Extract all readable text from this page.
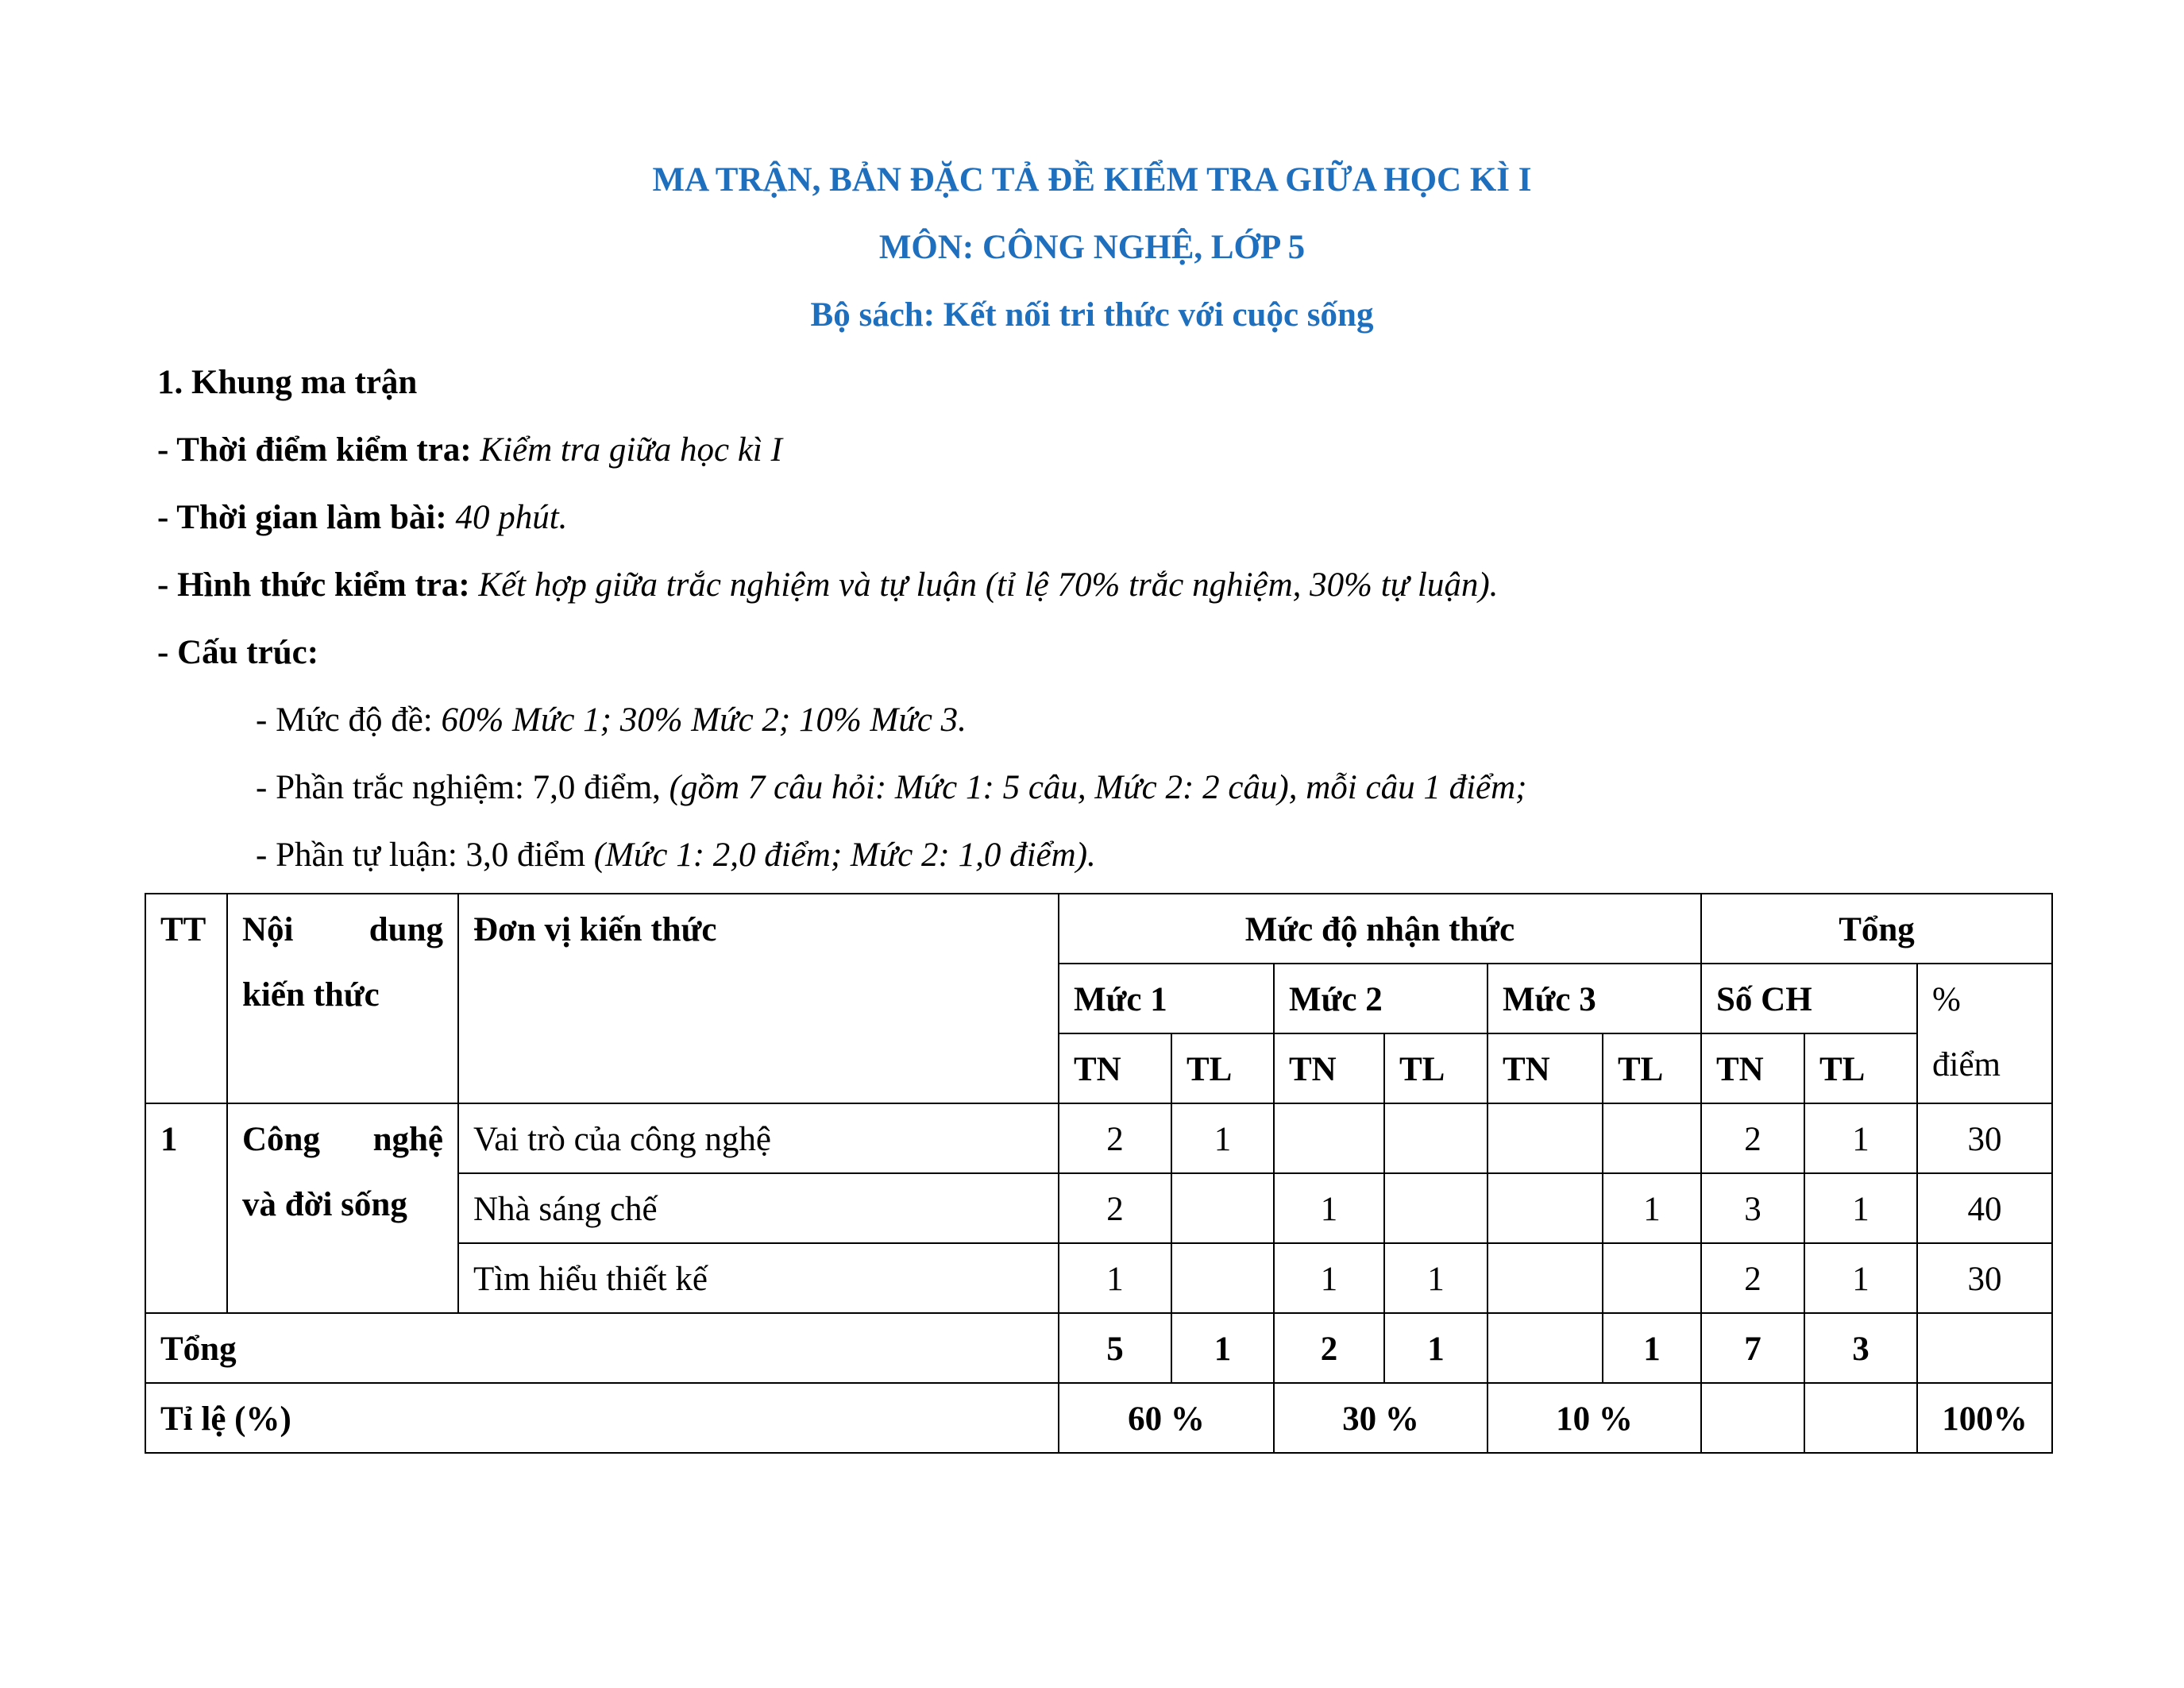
MA TRẬN, BẢN ĐẶC TẢ ĐỀ KIỂM TRA GIỮA HỌC KÌ I
MÔN: CÔNG NGHỆ, LỚP 5
Bộ sách: Kết nối tri thức với cuộc sống
1. Khung ma trận
- Thời điểm kiểm tra: Kiểm tra giữa học kì I
- Thời gian làm bài: 40 phút.
- Hình thức kiểm tra: Kết hợp giữa trắc nghiệm và tự luận (tỉ lệ 70% trắc nghiệm, 30% tự luận).
- Cấu trúc:
- Mức độ đề: 60% Mức 1; 30% Mức 2; 10% Mức 3.
- Phần trắc nghiệm: 7,0 điểm, (gồm 7 câu hỏi: Mức 1: 5 câu, Mức 2: 2 câu), mỗi câu 1 điểm;
- Phần tự luận: 3,0 điểm (Mức 1: 2,0 điểm; Mức 2: 1,0 điểm).
TT	Nội dung
kiến thức	Đơn vị kiến thức	Mức độ nhận thức						Tổng		
			Mức 1		Mức 2		Mức 3		Số CH		%
điểm

			TN	TL	TN	TL	TN	TL	TN	TL	
1	Công nghệ
và đời sống	Vai trò của công nghệ	2	1					2	1	30
		Nhà sáng chế	2		1			1	3	1	40
		Tìm hiểu thiết kế	1		1	1			2	1	30
Tổng			5	1	2	1		1	7	3	
Tỉ lệ (%)			60 %		30 %		10 %				100%
